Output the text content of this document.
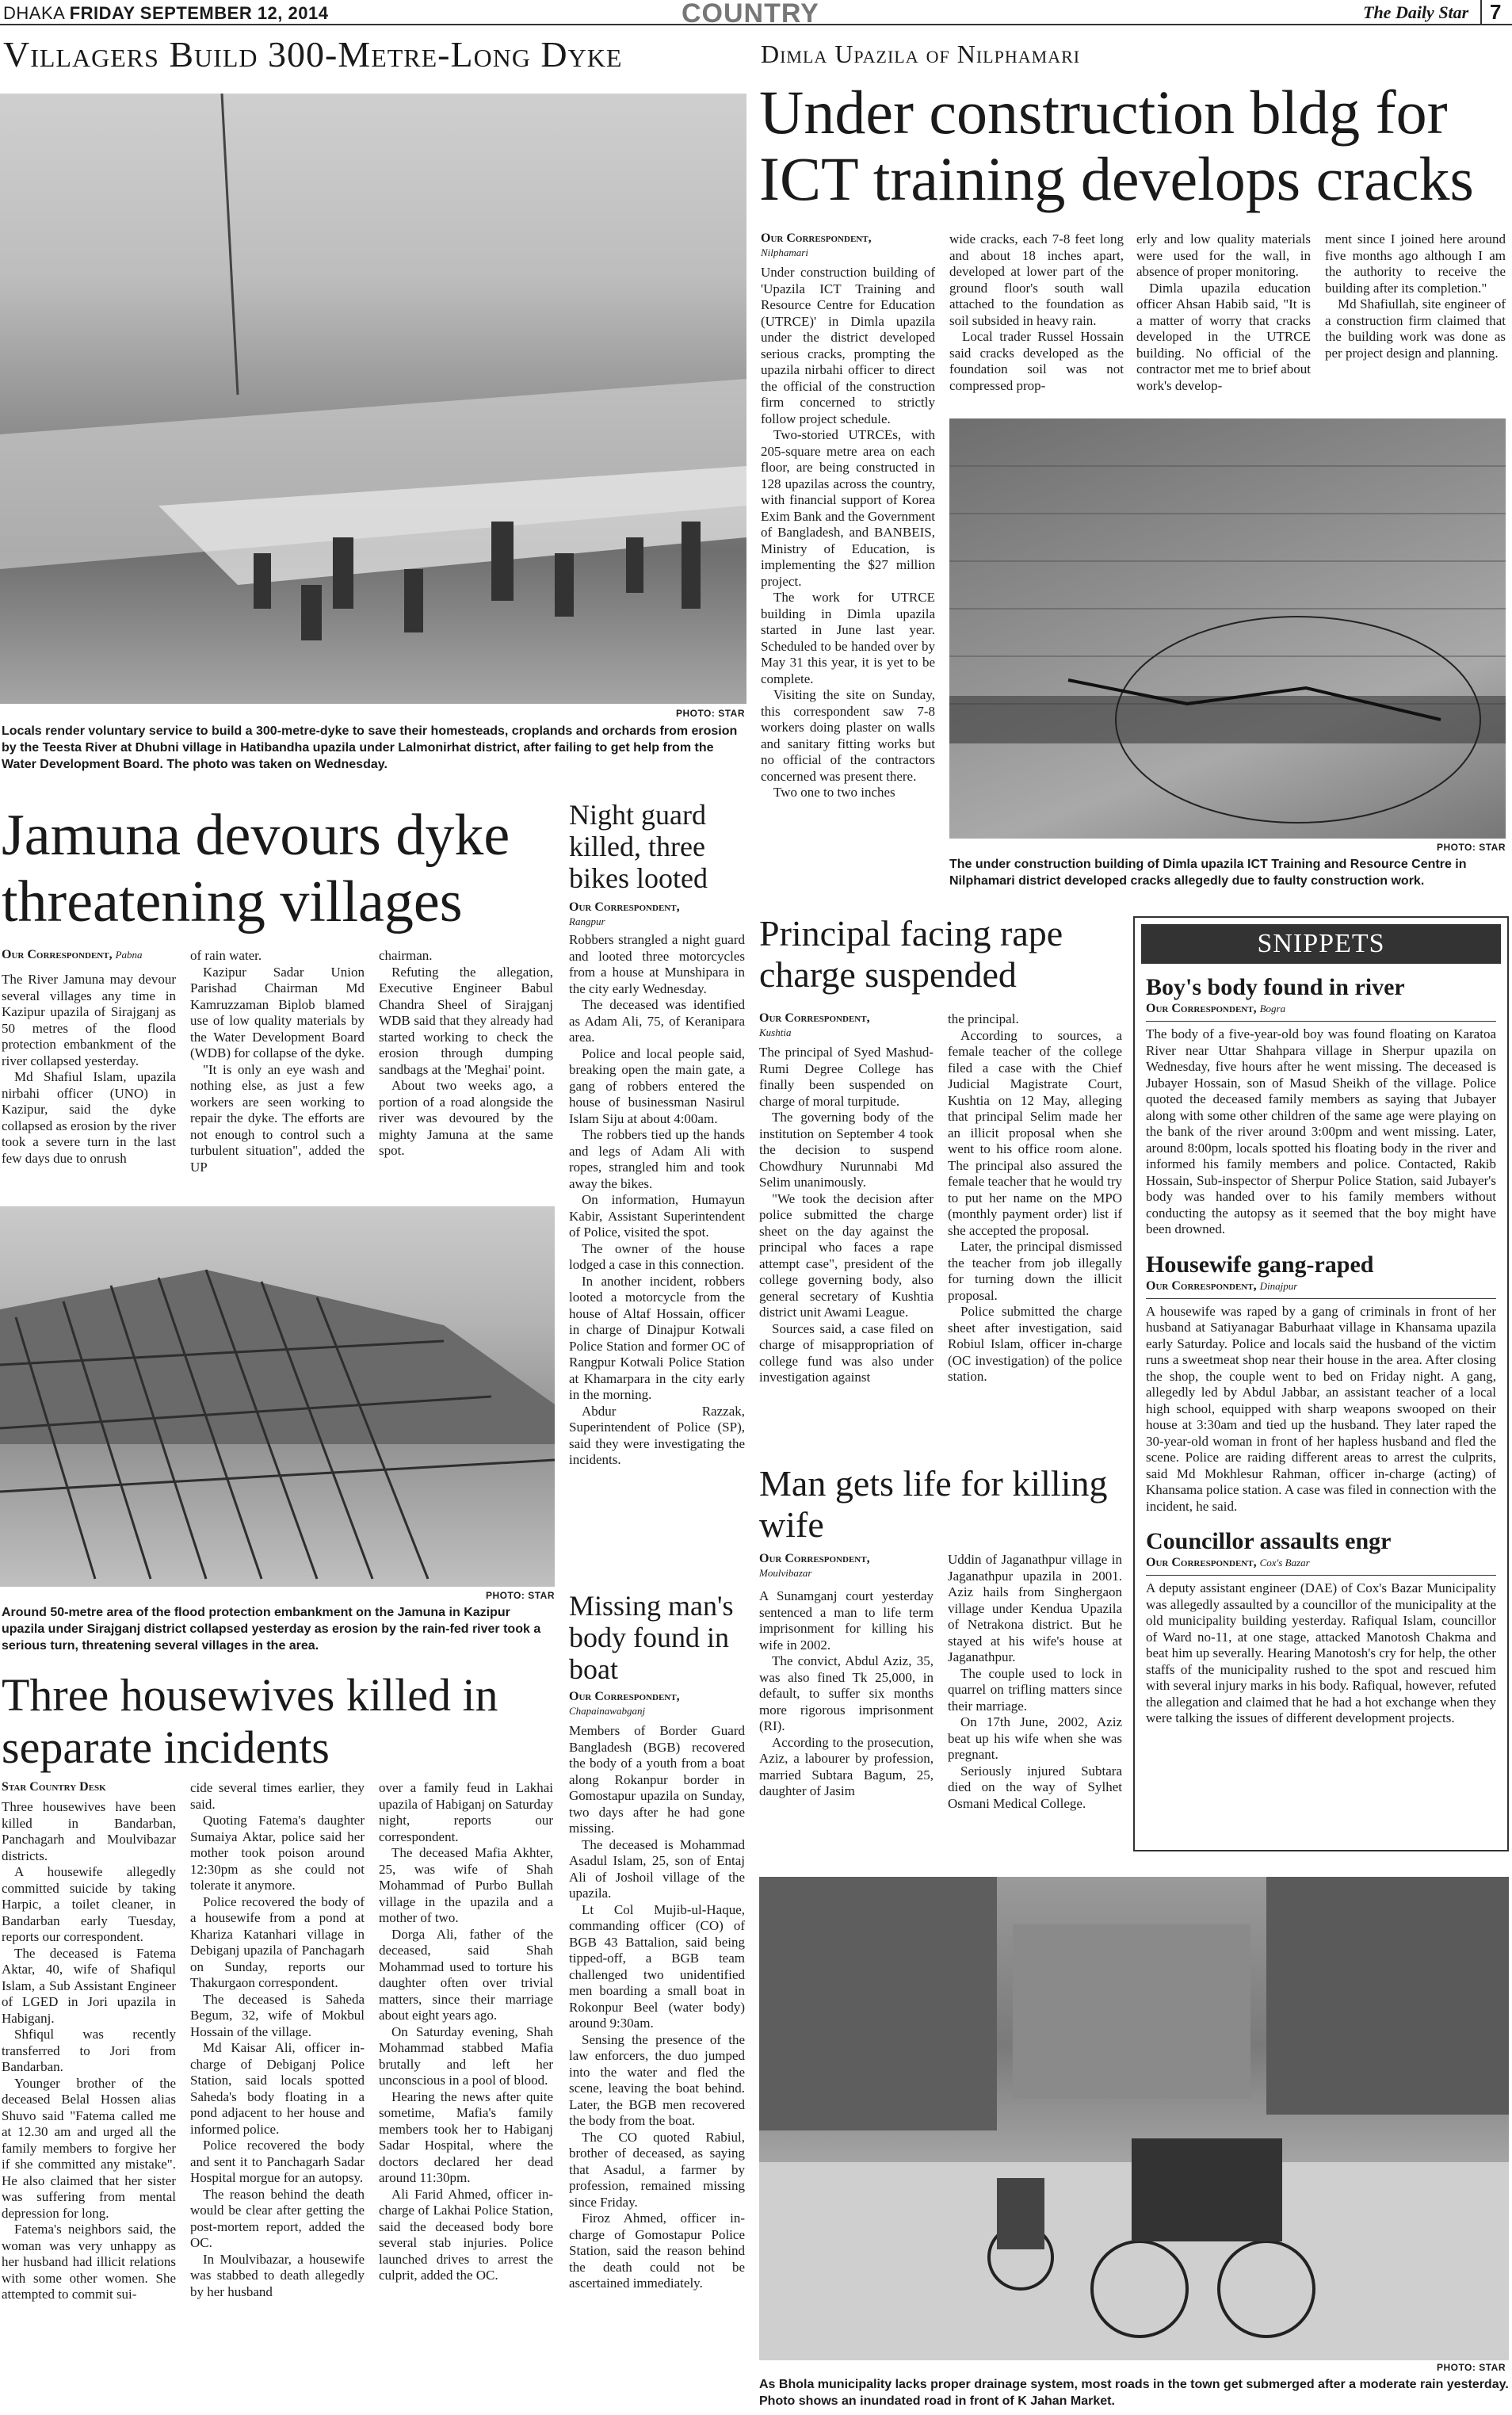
DHAKA FRIDAY SEPTEMBER 12, 2014	COUNTRY	The Daily Star	7
Villagers Build 300-Metre-Long Dyke
PHOTO: STAR
Locals render voluntary service to build a 300-metre-dyke to save their homesteads, croplands and orchards from erosion by the Teesta River at Dhubni village in Hatibandha upazila under Lalmonirhat district, after failing to get help from the Water Development Board. The photo was taken on Wednesday.
Dimla Upazila of Nilphamari
Under construction bldg for ICT training develops cracks
Our Correspondent,
Nilphamari

Under construction building of 'Upazila ICT Training and Resource Centre for Education (UTRCE)' in Dimla upazila under the district developed serious cracks, prompting the upazila nirbahi officer to direct the official of the construction firm concerned to strictly follow project schedule.

Two-storied UTRCEs, with 205-square metre area on each floor, are being constructed in 128 upazilas across the country, with financial support of Korea Exim Bank and the Government of Bangladesh, and BANBEIS, Ministry of Education, is implementing the $27 million project.

The work for UTRCE building in Dimla upazila started in June last year. Scheduled to be handed over by May 31 this year, it is yet to be complete.

Visiting the site on Sunday, this correspondent saw 7-8 workers doing plaster on walls and sanitary fitting works but no official of the contractors concerned was present there.

Two one to two inches

wide cracks, each 7-8 feet long and about 18 inches apart, developed at lower part of the ground floor's south wall attached to the foundation as soil subsided in heavy rain.

Local trader Russel Hossain said cracks developed as the foundation soil was not compressed prop-

erly and low quality materials were used for the wall, in absence of proper monitoring.

Dimla upazila education officer Ahsan Habib said, "It is a matter of worry that cracks developed in the UTRCE building. No official of the contractor met me to brief about work's develop-

ment since I joined here around five months ago although I am the authority to receive the building after its completion."

Md Shafiullah, site engineer of a construction firm claimed that the building work was done as per project design and planning.

PHOTO: STAR
The under construction building of Dimla upazila ICT Training and Resource Centre in Nilphamari district developed cracks allegedly due to faulty construction work.
Jamuna devours dyke threatening villages
Our Correspondent, Pabna

The River Jamuna may devour several villages any time in Kazipur upazila of Sirajganj as 50 metres of the flood protection embankment of the river collapsed yesterday.

Md Shafiul Islam, upazila nirbahi officer (UNO) in Kazipur, said the dyke collapsed as erosion by the river took a severe turn in the last few days due to onrush

of rain water.

Kazipur Sadar Union Parishad Chairman Md Kamruzzaman Biplob blamed use of low quality materials by the Water Development Board (WDB) for collapse of the dyke.

"It is only an eye wash and nothing else, as just a few workers are seen working to repair the dyke. The efforts are not enough to control such a turbulent situation", added the UP

chairman.

Refuting the allegation, Executive Engineer Babul Chandra Sheel of Sirajganj WDB said that they already had started working to check the erosion through dumping sandbags at the 'Meghai' point.

About two weeks ago, a portion of a road alongside the river was devoured by the mighty Jamuna at the same spot.

PHOTO: STAR
Around 50-metre area of the flood protection embankment on the Jamuna in Kazipur upazila under Sirajganj district collapsed yesterday as erosion by the rain-fed river took a serious turn, threatening several villages in the area.
Night guard killed, three bikes looted
Our Correspondent,
Rangpur

Robbers strangled a night guard and looted three motorcycles from a house at Munshipara in the city early Wednesday.

The deceased was identified as Adam Ali, 75, of Keranipara area.

Police and local people said, breaking open the main gate, a gang of robbers entered the house of businessman Nasirul Islam Siju at about 4:00am.

The robbers tied up the hands and legs of Adam Ali with ropes, strangled him and took away the bikes.

On information, Humayun Kabir, Assistant Superintendent of Police, visited the spot.

The owner of the house lodged a case in this connection.

In another incident, robbers looted a motorcycle from the house of Altaf Hossain, officer in charge of Dinajpur Kotwali Police Station and former OC of Rangpur Kotwali Police Station at Khamarpara in the city early in the morning.

Abdur Razzak, Superintendent of Police (SP), said they were investigating the incidents.

Missing man's body found in boat
Our Correspondent,
Chapainawabganj

Members of Border Guard Bangladesh (BGB) recovered the body of a youth from a boat along Rokanpur border in Gomostapur upazila on Sunday, two days after he had gone missing.

The deceased is Mohammad Asadul Islam, 25, son of Entaj Ali of Joshoil village of the upazila.

Lt Col Mujib-ul-Haque, commanding officer (CO) of BGB 43 Battalion, said being tipped-off, a BGB team challenged two unidentified men boarding a small boat in Rokonpur Beel (water body) around 9:30am.

Sensing the presence of the law enforcers, the duo jumped into the water and fled the scene, leaving the boat behind. Later, the BGB men recovered the body from the boat.

The CO quoted Rabiul, brother of deceased, as saying that Asadul, a farmer by profession, remained missing since Friday.

Firoz Ahmed, officer in-charge of Gomostapur Police Station, said the reason behind the death could not be ascertained immediately.

Three housewives killed in separate incidents
Star Country Desk

Three housewives have been killed in Bandarban, Panchagarh and Moulvibazar districts.

A housewife allegedly committed suicide by taking Harpic, a toilet cleaner, in Bandarban early Tuesday, reports our correspondent.

The deceased is Fatema Aktar, 40, wife of Shafiqul Islam, a Sub Assistant Engineer of LGED in Jori upazila in Habiganj.

Shfiqul was recently transferred to Jori from Bandarban.

Younger brother of the deceased Belal Hossen alias Shuvo said "Fatema called me at 12.30 am and urged all the family members to forgive her if she committed any mistake". He also claimed that her sister was suffering from mental depression for long.

Fatema's neighbors said, the woman was very unhappy as her husband had illicit relations with some other women. She attempted to commit sui-

cide several times earlier, they said.

Quoting Fatema's daughter Sumaiya Aktar, police said her mother took poison around 12:30pm as she could not tolerate it anymore.

Police recovered the body of a housewife from a pond at Khariza Katanhari village in Debiganj upazila of Panchagarh on Sunday, reports our Thakurgaon correspondent.

The deceased is Saheda Begum, 32, wife of Mokbul Hossain of the village.

Md Kaisar Ali, officer in-charge of Debiganj Police Station, said locals spotted Saheda's body floating in a pond adjacent to her house and informed police.

Police recovered the body and sent it to Panchagarh Sadar Hospital morgue for an autopsy.

The reason behind the death would be clear after getting the post-mortem report, added the OC.

In Moulvibazar, a housewife was stabbed to death allegedly by her husband

over a family feud in Lakhai upazila of Habiganj on Saturday night, reports our correspondent.

The deceased Mafia Akhter, 25, was wife of Shah Mohammad of Purbo Bullah village in the upazila and a mother of two.

Dorga Ali, father of the deceased, said Shah Mohammad used to torture his daughter often over trivial matters, since their marriage about eight years ago.

On Saturday evening, Shah Mohammad stabbed Mafia brutally and left her unconscious in a pool of blood.

Hearing the news after quite sometime, Mafia's family members took her to Habiganj Sadar Hospital, where the doctors declared her dead around 11:30pm.

Ali Farid Ahmed, officer in-charge of Lakhai Police Station, said the deceased body bore several stab injuries. Police launched drives to arrest the culprit, added the OC.

Principal facing rape charge suspended
Our Correspondent,
Kushtia

The principal of Syed Mashud-Rumi Degree College has finally been suspended on charge of moral turpitude.

The governing body of the institution on September 4 took the decision to suspend Chowdhury Nurunnabi Md Selim unanimously.

"We took the decision after police submitted the charge sheet on the day against the principal who faces a rape attempt case", president of the college governing body, also general secretary of Kushtia district unit Awami League.

Sources said, a case filed on charge of misappropriation of college fund was also under investigation against

the principal.

According to sources, a female teacher of the college filed a case with the Chief Judicial Magistrate Court, Kushtia on 12 May, alleging that principal Selim made her an illicit proposal when she went to his office room alone. The principal also assured the female teacher that he would try to put her name on the MPO (monthly payment order) list if she accepted the proposal.

Later, the principal dismissed the teacher from job illegally for turning down the illicit proposal.

Police submitted the charge sheet after investigation, said Robiul Islam, officer in-charge (OC investigation) of the police station.

Man gets life for killing wife
Our Correspondent,
Moulvibazar

A Sunamganj court yesterday sentenced a man to life term imprisonment for killing his wife in 2002.

The convict, Abdul Aziz, 35, was also fined Tk 25,000, in default, to suffer six months more rigorous imprisonment (RI).

According to the prosecution, Aziz, a labourer by profession, married Subtara Bagum, 25, daughter of Jasim

Uddin of Jaganathpur village in Jaganathpur upazila in 2001. Aziz hails from Singhergaon village under Kendua Upazila of Netrakona district. But he stayed at his wife's house at Jaganathpur.

The couple used to lock in quarrel on trifling matters since their marriage.

On 17th June, 2002, Aziz beat up his wife when she was pregnant.

Seriously injured Subtara died on the way of Sylhet Osmani Medical College.

SNIPPETS
Boy's body found in river
Our Correspondent, Bogra
The body of a five-year-old boy was found floating on Karatoa River near Uttar Shahpara village in Sherpur upazila on Wednesday, five hours after he went missing. The deceased is Jubayer Hossain, son of Masud Sheikh of the village. Police quoted the deceased family members as saying that Jubayer along with some other children of the same age were playing on the bank of the river around 3:00pm and went missing. Later, around 8:00pm, locals spotted his floating body in the river and informed his family members and police. Contacted, Rakib Hossain, Sub-inspector of Sherpur Police Station, said Jubayer's body was handed over to his family members without conducting the autopsy as it seemed that the boy might have been drowned.
Housewife gang-raped
Our Correspondent, Dinajpur
A housewife was raped by a gang of criminals in front of her husband at Satiyanagar Baburhaat village in Khansama upazila early Saturday. Police and locals said the husband of the victim runs a sweetmeat shop near their house in the area. After closing the shop, the couple went to bed on Friday night. A gang, allegedly led by Abdul Jabbar, an assistant teacher of a local high school, equipped with sharp weapons swooped on their house at 3:30am and tied up the husband. They later raped the 30-year-old woman in front of her hapless husband and fled the scene. Police are raiding different areas to arrest the culprits, said Md Mokhlesur Rahman, officer in-charge (acting) of Khansama police station. A case was filed in connection with the incident, he said.
Councillor assaults engr
Our Correspondent, Cox's Bazar
A deputy assistant engineer (DAE) of Cox's Bazar Municipality was allegedly assaulted by a councillor of the municipality at the old municipality building yesterday. Rafiqual Islam, councillor of Ward no-11, at one stage, attacked Manotosh Chakma and beat him up severally. Hearing Manotosh's cry for help, the other staffs of the municipality rushed to the spot and rescued him with several injury marks in his body. Rafiqual, however, refuted the allegation and claimed that he had a hot exchange when they were talking the issues of different development projects.
PHOTO: STAR
As Bhola municipality lacks proper drainage system, most roads in the town get submerged after a moderate rain yesterday. Photo shows an inundated road in front of K Jahan Market.
